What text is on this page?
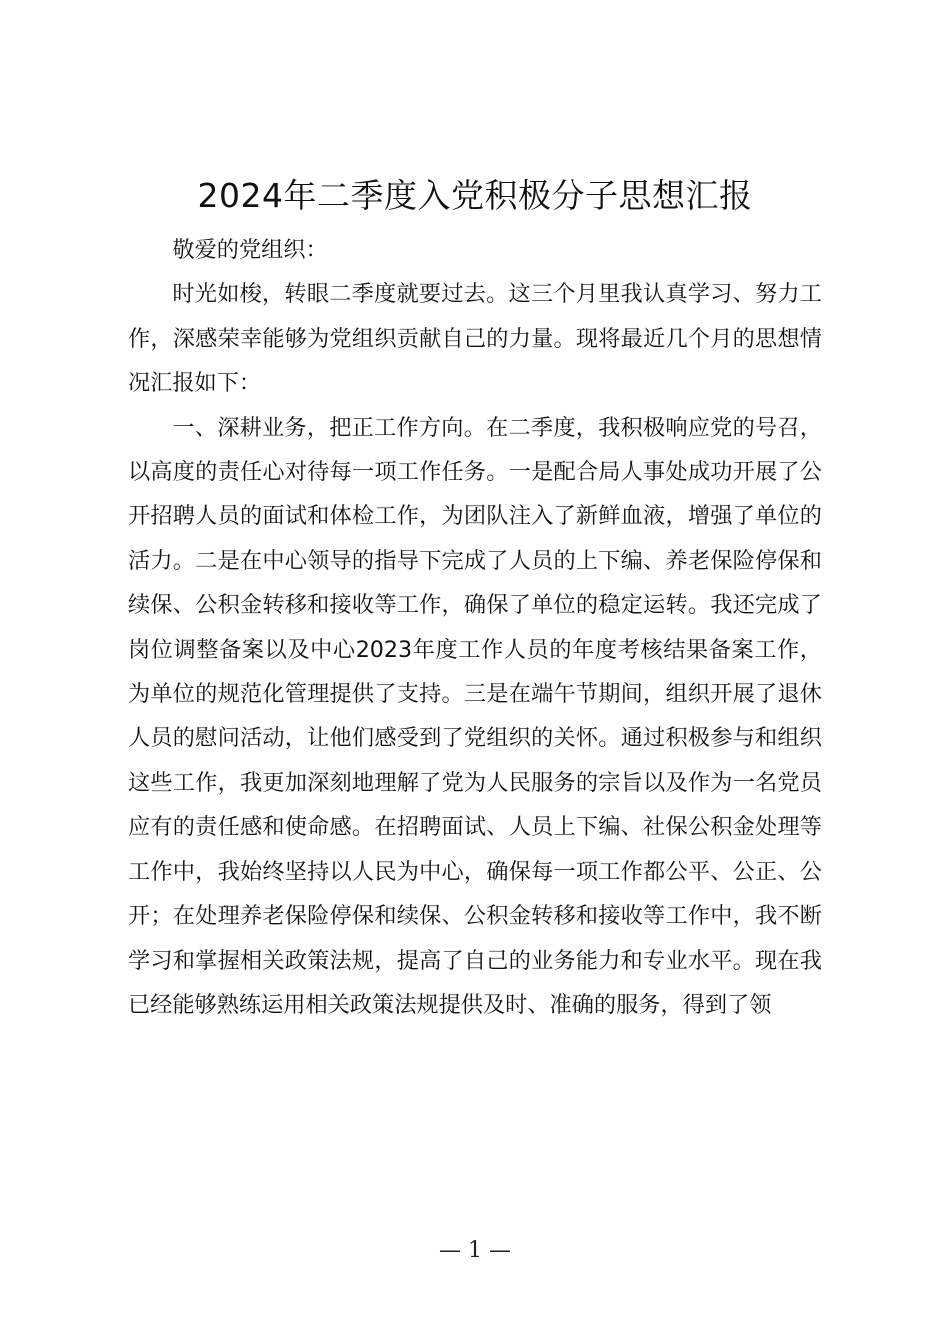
2024年二季度入党积极分子思想汇报

敬爱的党组织：

时光如梭，转眼二季度就要过去。这三个月里我认真学习、努力工作，深感荣幸能够为党组织贡献自己的力量。现将最近几个月的思想情况汇报如下：

一、深耕业务，把正工作方向。在二季度，我积极响应党的号召，以高度的责任心对待每一项工作任务。一是配合局人事处成功开展了公开招聘人员的面试和体检工作，为团队注入了新鲜血液，增强了单位的活力。二是在中心领导的指导下完成了人员的上下编、养老保险停保和续保、公积金转移和接收等工作，确保了单位的稳定运转。我还完成了岗位调整备案以及中心2023年度工作人员的年度考核结果备案工作，为单位的规范化管理提供了支持。三是在端午节期间，组织开展了退休人员的慰问活动，让他们感受到了党组织的关怀。通过积极参与和组织这些工作，我更加深刻地理解了党为人民服务的宗旨以及作为一名党员应有的责任感和使命感。在招聘面试、人员上下编、社保公积金处理等工作中，我始终坚持以人民为中心，确保每一项工作都公平、公正、公开；在处理养老保险停保和续保、公积金转移和接收等工作中，我不断学习和掌握相关政策法规，提高了自己的业务能力和专业水平。现在我已经能够熟练运用相关政策法规提供及时、准确的服务，得到了领

— 1 —
